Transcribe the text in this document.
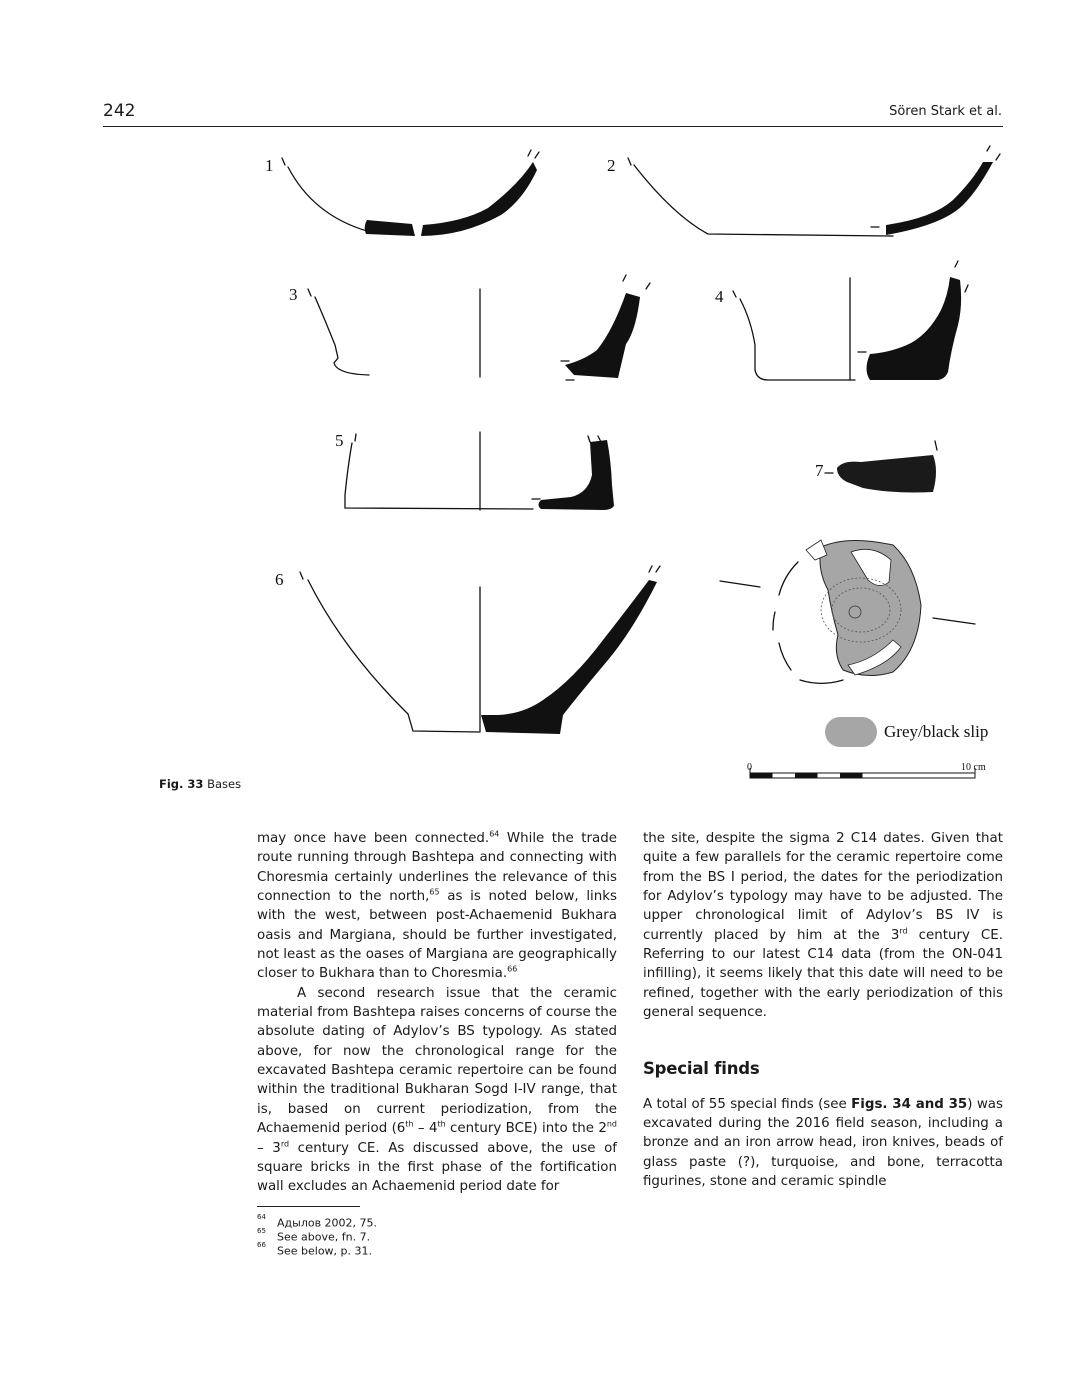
242	Sören Stark et al.
Grey/black slip
0	10 cm
1	2
3	4
5
7
6
Fig. 33 Bases

may once have been connected.$^{64}$ While the trade route running through Bashtepa and connecting with Choresmia certainly underlines the relevance of this connection to the north,$^{65}$ as is noted below, links with the west, between post-Achaemenid Bukhara oasis and Margiana, should be further investigated, not least as the oases of Margiana are geographically closer to Bukhara than to Choresmia.$^{66}$

A second research issue that the ceramic material from Bashtepa raises concerns of course the absolute dating of Adylov’s BS typology. As stated above, for now the chronological range for the excavated Bashtepa ceramic repertoire can be found within the traditional Bukharan Sogd I-IV range, that is, based on current periodization, from the Achaemenid period (6th – 4th century BCE) into the 2nd – 3rd century CE. As discussed above, the use of square bricks in the first phase of the fortification wall excludes an Achaemenid period date for

the site, despite the sigma 2 C14 dates. Given that quite a few parallels for the ceramic repertoire come from the BS I period, the dates for the periodization for Adylov’s typology may have to be adjusted. The upper chronological limit of Adylov’s BS IV is currently placed by him at the 3rd century CE. Referring to our latest C14 data (from the ON-041 infilling), it seems likely that this date will need to be refined, together with the early periodization of this general sequence.

Special finds

A total of 55 special finds (see Figs. 34 and 35) was excavated during the 2016 field season, including a bronze and an iron arrow head, iron knives, beads of glass paste (?), turquoise, and bone, terracotta figurines, stone and ceramic spindle

$^{64}$ Адылов 2002, 75.
$^{65}$ See above, fn. 7.
$^{66}$ See below, p. 31.
